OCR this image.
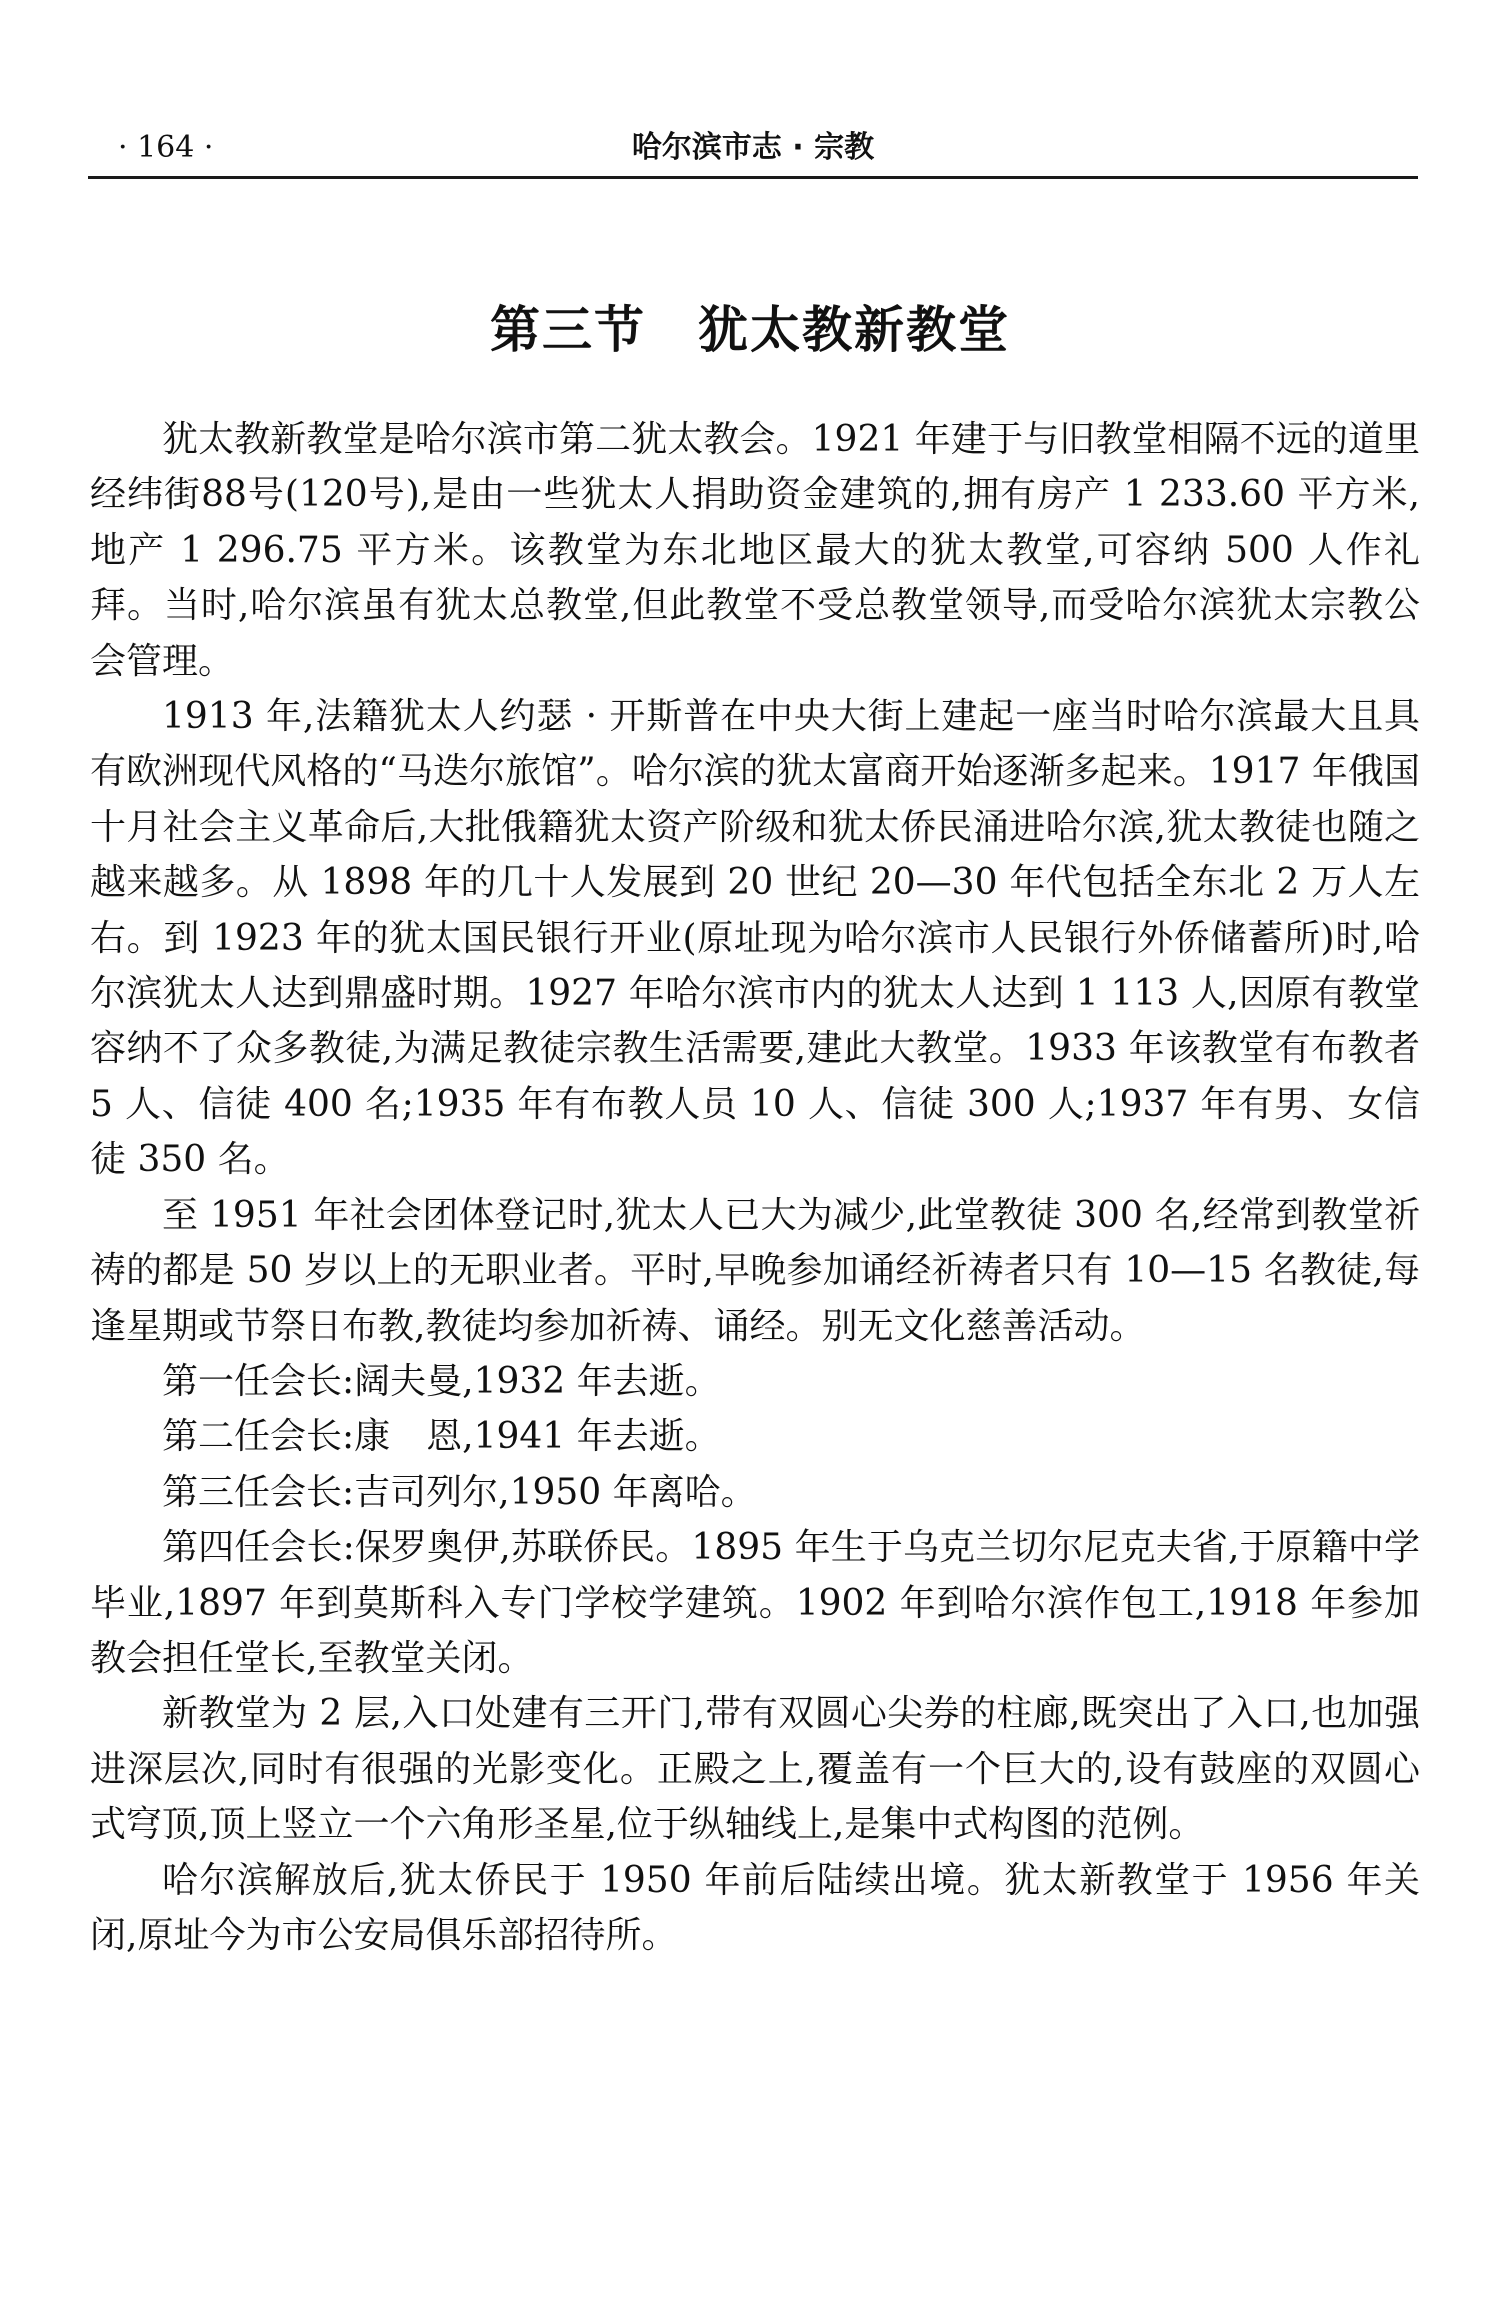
· 164 ·	哈尔滨市志 · 宗教
第三节　犹太教新教堂

犹太教新教堂是哈尔滨市第二犹太教会。1921 年建于与旧教堂相隔不远的道里经纬街88号(120号),是由一些犹太人捐助资金建筑的,拥有房产 1 233.60 平方米,地产 1 296.75 平方米。该教堂为东北地区最大的犹太教堂,可容纳 500 人作礼拜。当时,哈尔滨虽有犹太总教堂,但此教堂不受总教堂领导,而受哈尔滨犹太宗教公会管理。

1913 年,法籍犹太人约瑟 · 开斯普在中央大街上建起一座当时哈尔滨最大且具有欧洲现代风格的“马迭尔旅馆”。哈尔滨的犹太富商开始逐渐多起来。1917 年俄国十月社会主义革命后,大批俄籍犹太资产阶级和犹太侨民涌进哈尔滨,犹太教徒也随之越来越多。从 1898 年的几十人发展到 20 世纪 20—30 年代包括全东北 2 万人左右。到 1923 年的犹太国民银行开业(原址现为哈尔滨市人民银行外侨储蓄所)时,哈尔滨犹太人达到鼎盛时期。1927 年哈尔滨市内的犹太人达到 1 113 人,因原有教堂容纳不了众多教徒,为满足教徒宗教生活需要,建此大教堂。1933 年该教堂有布教者 5 人、信徒 400 名;1935 年有布教人员 10 人、信徒 300 人;1937 年有男、女信徒 350 名。

至 1951 年社会团体登记时,犹太人已大为减少,此堂教徒 300 名,经常到教堂祈祷的都是 50 岁以上的无职业者。平时,早晚参加诵经祈祷者只有 10—15 名教徒,每逢星期或节祭日布教,教徒均参加祈祷、诵经。别无文化慈善活动。

第一任会长:阔夫曼,1932 年去逝。

第二任会长:康　恩,1941 年去逝。

第三任会长:吉司列尔,1950 年离哈。

第四任会长:保罗奥伊,苏联侨民。1895 年生于乌克兰切尔尼克夫省,于原籍中学毕业,1897 年到莫斯科入专门学校学建筑。1902 年到哈尔滨作包工,1918 年参加教会担任堂长,至教堂关闭。

新教堂为 2 层,入口处建有三开门,带有双圆心尖券的柱廊,既突出了入口,也加强进深层次,同时有很强的光影变化。正殿之上,覆盖有一个巨大的,设有鼓座的双圆心式穹顶,顶上竖立一个六角形圣星,位于纵轴线上,是集中式构图的范例。

哈尔滨解放后,犹太侨民于 1950 年前后陆续出境。犹太新教堂于 1956 年关闭,原址今为市公安局俱乐部招待所。
